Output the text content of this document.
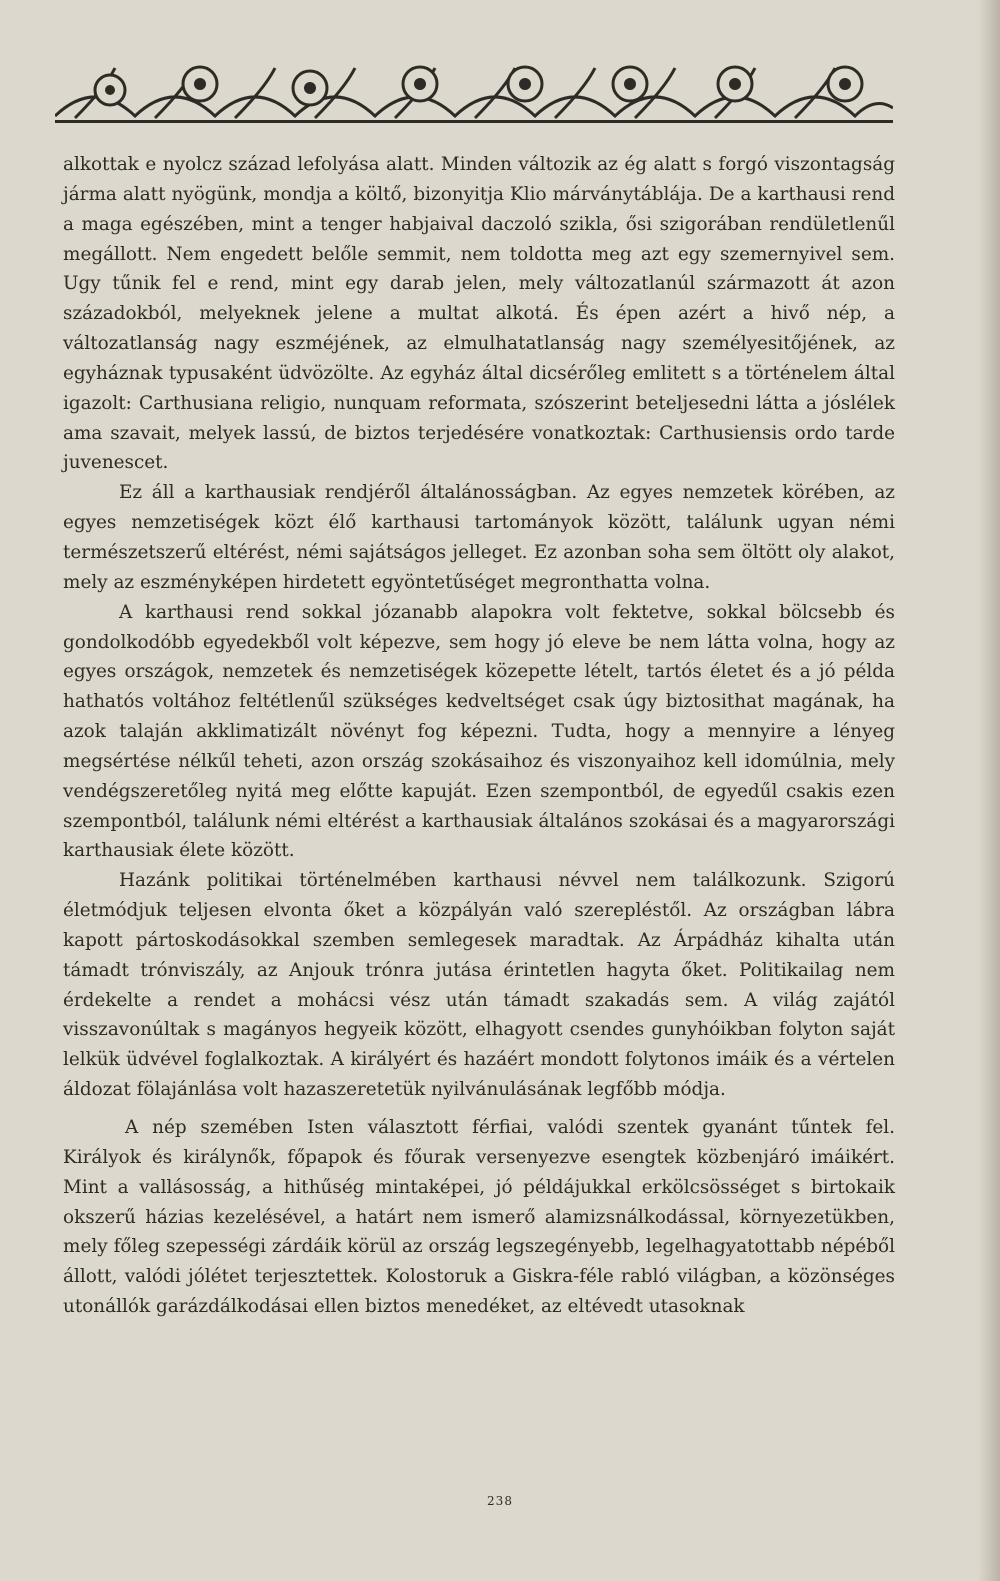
alkottak e nyolcz század lefolyása alatt. Minden változik az ég alatt s forgó viszontagság járma alatt nyögünk, mondja a költő, bizonyitja Klio márványtáblája. De a karthausi rend a maga egészében, mint a tenger habjaival daczoló szikla, ősi szigorában rendületlenűl megállott. Nem engedett belőle semmit, nem toldotta meg azt egy szemernyivel sem. Ugy tűnik fel e rend, mint egy darab jelen, mely változatlanúl származott át azon századokból, melyeknek jelene a multat alkotá. És épen azért a hivő nép, a változatlanság nagy eszméjének, az elmulhatatlanság nagy személyesitőjének, az egyháznak typusaként üdvözölte. Az egyház által dicsérőleg emlitett s a történelem által igazolt: Carthusiana religio, nunquam reformata, szószerint beteljesedni látta a jóslélek ama szavait, melyek lassú, de biztos terjedésére vonatkoztak: Carthusiensis ordo tarde juvenescet.

Ez áll a karthausiak rendjéről általánosságban. Az egyes nemzetek körében, az egyes nemzetiségek közt élő karthausi tartományok között, találunk ugyan némi természetszerű eltérést, némi sajátságos jelleget. Ez azonban soha sem öltött oly alakot, mely az eszményképen hirdetett egyöntetűséget megronthatta volna.

A karthausi rend sokkal józanabb alapokra volt fektetve, sokkal bölcsebb és gondolkodóbb egyedekből volt képezve, sem hogy jó eleve be nem látta volna, hogy az egyes országok, nemzetek és nemzetiségek közepette lételt, tartós életet és a jó példa hathatós voltához feltétlenűl szükséges kedveltséget csak úgy biztosithat magának, ha azok talaján akklimatizált növényt fog képezni. Tudta, hogy a mennyire a lényeg megsértése nélkűl teheti, azon ország szokásaihoz és viszonyaihoz kell idomúlnia, mely vendégszeretőleg nyitá meg előtte kapuját. Ezen szempontból, de egyedűl csakis ezen szempontból, találunk némi eltérést a karthausiak általános szokásai és a magyarországi karthausiak élete között.

Hazánk politikai történelmében karthausi névvel nem találkozunk. Szigorú életmódjuk teljesen elvonta őket a közpályán való szerepléstől. Az országban lábra kapott pártoskodásokkal szemben semlegesek maradtak. Az Árpádház kihalta után támadt trónviszály, az Anjouk trónra jutása érintetlen hagyta őket. Politikailag nem érdekelte a rendet a mohácsi vész után támadt szakadás sem. A világ zajától visszavonúltak s magányos hegyeik között, elhagyott csendes gunyhóikban folyton saját lelkük üdvével foglalkoztak. A királyért és hazáért mondott folytonos imáik és a vértelen áldozat fölajánlása volt hazaszeretetük nyilvánulásának legfőbb módja.

A nép szemében Isten választott férfiai, valódi szentek gyanánt tűntek fel. Királyok és királynők, főpapok és főurak versenyezve esengtek közbenjáró imáikért. Mint a vallásosság, a hithűség mintaképei, jó példájukkal erkölcsösséget s birtokaik okszerű házias kezelésével, a határt nem ismerő alamizsnálkodással, környezetükben, mely főleg szepességi zárdáik körül az ország legszegényebb, legelhagyatottabb népéből állott, valódi jólétet terjesztettek. Kolostoruk a Giskra-féle rabló világban, a közönséges utonállók garázdálkodásai ellen biztos menedéket, az eltévedt utasoknak

238
